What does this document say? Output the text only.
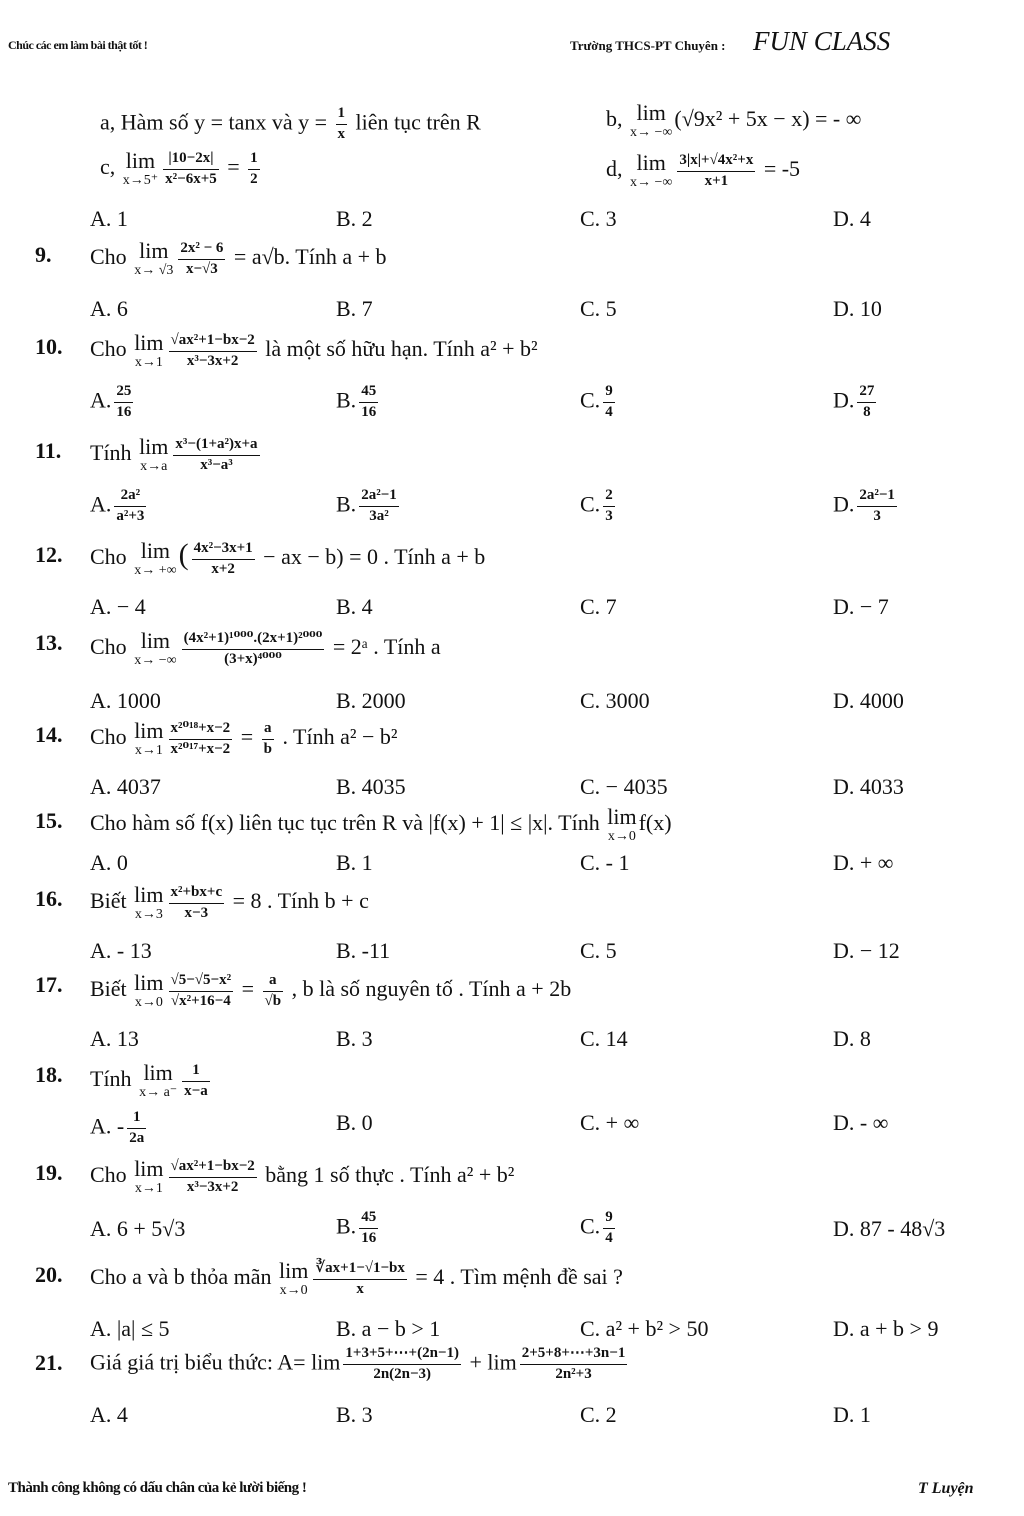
Chúc các em làm bài thật tốt !	Trường THCS-PT Chuyên : FUN CLASS
a, Hàm số y = tanx và $y = \frac{1}{x}$ liên tục trên R	b, lim
x→ −∞
(√9x² + 5x − x) = - ∞
c, lim
$x\to 5^+ \frac{|10-2x|}{\text{x²−6x+5}} = \frac{1}{2}$	d, lim
x→ −∞ $\frac{\text{3|x|+√4x²+x}}{x+1} = -5$
A. 1	B. 2	C. 3	D. 4
9. Cho lim
$x\to √3 \frac{\text{2x² − 6}}{x-√3} = a√b$. Tính a + b
A. 6	B. 7	C. 5	D. 10
10. Cho lim
$x\to 1 \frac{\text{√ax²+1−bx−2}}{\text{x³−3x+2}}$ là một số hữu hạn. Tính a² + b²
A. $\frac{25}{16}$	B. $\frac{45}{16}$	C. $\frac{9}{4}$	D. $\frac{27}{8}$
11. Tính lim
$x\to a \frac{\text{x³−(1+a²)x+a}}{\text{x³−a³}}$
A. $\frac{\text{2a²}}{\text{a²+3}}$	B. $\frac{\text{2a²−1}}{\text{3a²}}$	C. $\frac{2}{3}$	D. $\frac{\text{2a²−1}}{3}$
12. Cho lim
x→ +∞ ( $\frac{\text{4x²−3x+1}}{x+2}$ − ax − b) = 0 . Tính a + b
A. − 4	B. 4	C. 7	D. − 7
13. Cho lim
x→ −∞ $\frac{\text{(4x²+1)¹⁰⁰⁰.(2x+1)²⁰⁰⁰}}{\text{(3+x)⁴⁰⁰⁰}}$ = 2ᵃ . Tính a
A. 1000	B. 2000	C. 3000	D. 4000
14. Cho lim
$x\to 1 \frac{\text{x²⁰¹⁸+x−2}}{\text{x²⁰¹⁷+x−2}} = \frac{a}{b}$ . Tính a² − b²
A. 4037	B. 4035	C. − 4035	D. 4033
15. Cho hàm số f(x) liên tục tục trên R và |f(x) + 1| ≤ |x|. Tính lim
x→0
f(x)
A. 0	B. 1	C. - 1	D. + ∞
16. Biết lim
$x\to 3 \frac{\text{x²+bx+c}}{x-3} = 8$ . Tính b + c
A. - 13	B. -11	C. 5	D. − 12
17. Biết lim
$x\to 0 \frac{\text{√5−√5−x²}}{\text{√x²+16−4}} = \frac{a}{√b}$ , b là số nguyên tố . Tính a + 2b
A. 13	B. 3	C. 14	D. 8
18. Tính lim
$x\to a^- \frac{1}{x-a}$
A. - $\frac{1}{2a}$	B. 0	C. + ∞	D. - ∞
19. Cho lim
$x\to 1 \frac{\text{√ax²+1−bx−2}}{\text{x³−3x+2}}$ bằng 1 số thực . Tính a² + b²
A. 6 + 5√3	B. $\frac{45}{16}$	C. $\frac{9}{4}$	D. 87 - 48√3
20. Cho a và b thỏa mãn lim
$x\to 0 \frac{∛ax+1-√1-bx}{x} = 4$ . Tìm mệnh đề sai ?
A. |a| ≤ 5	B. a − b > 1	C. a² + b² > 50	D. a + b > 9
21. Giá giá trị biểu thức: $A= \lim \frac{1+3+5+\cdots+(2n-1)}{2n(2n-3)} + \lim \frac{2+5+8+\cdots+3n-1}{\text{2n²+3}}$
A. 4	B. 3	C. 2	D. 1
Thành công không có dấu chân của kẻ lười biếng !	T Luyện
